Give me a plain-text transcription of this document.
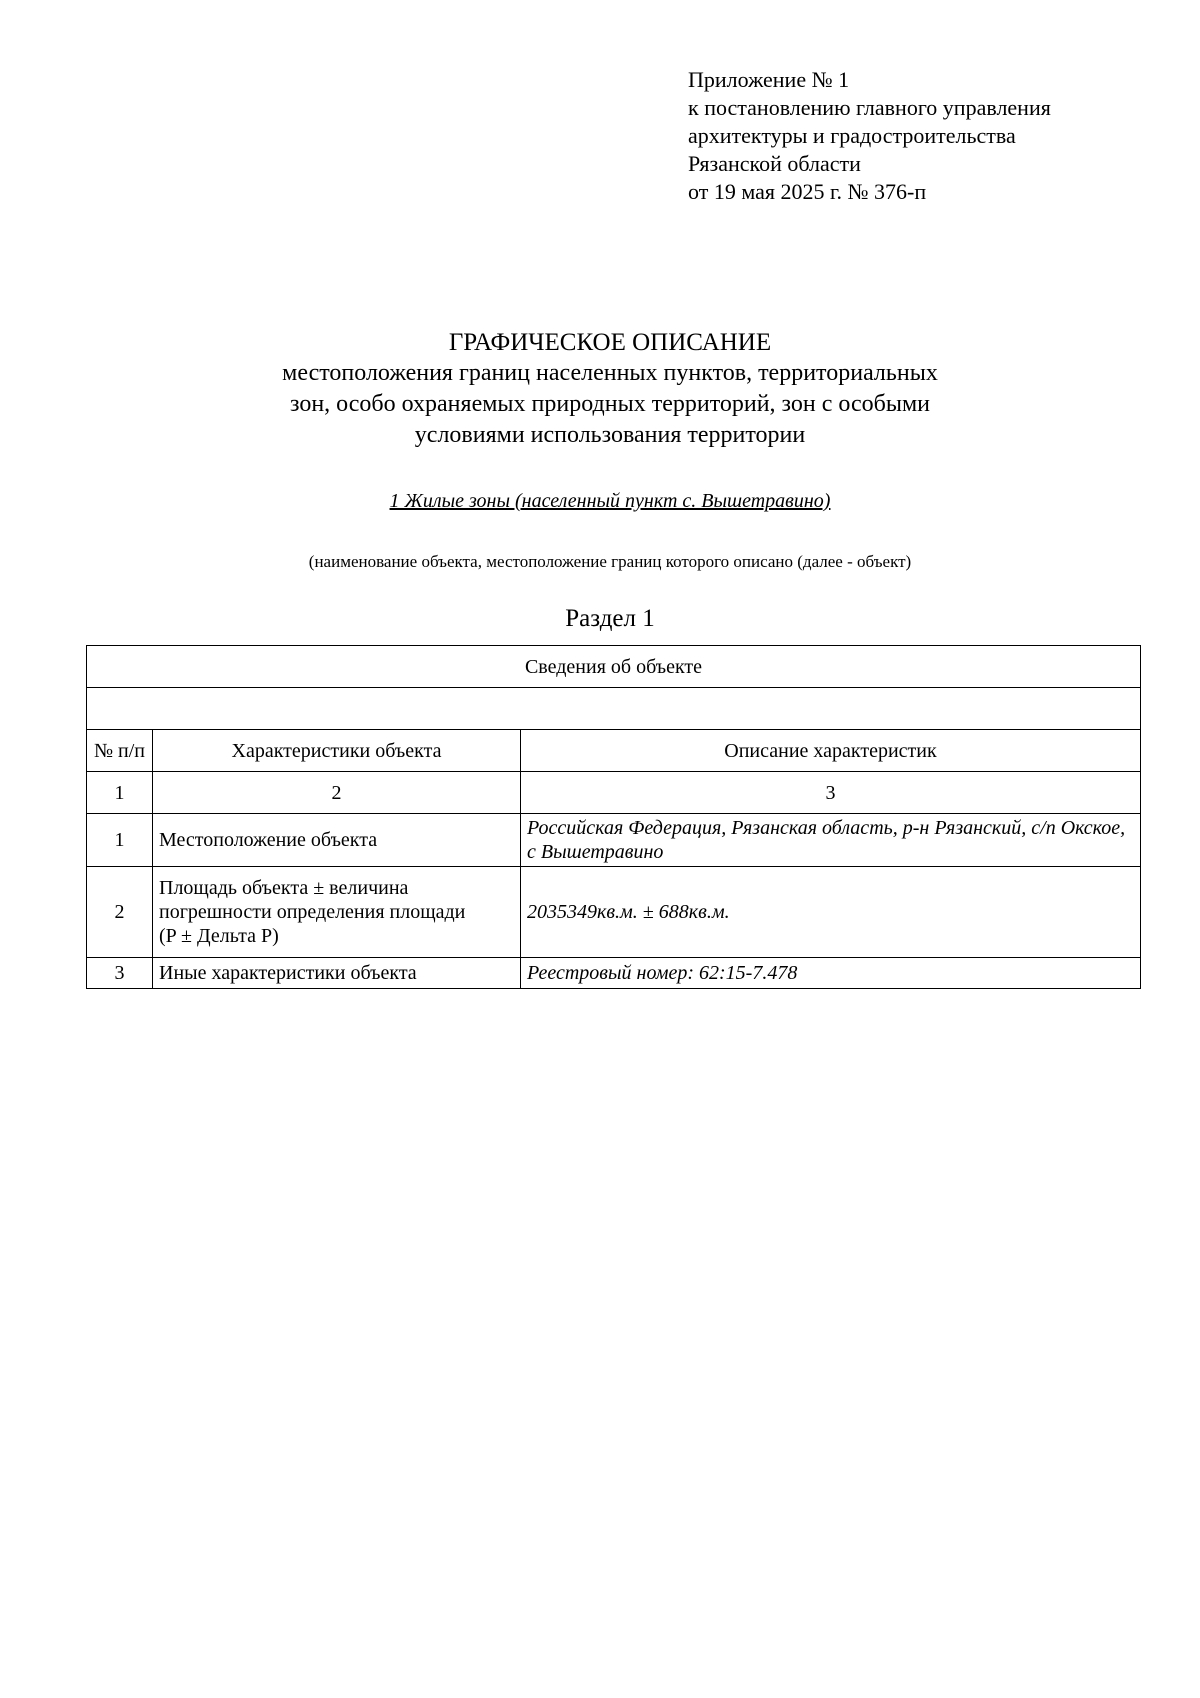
Приложение № 1
к постановлению главного управления
архитектуры и градостроительства
Рязанской области
от 19 мая 2025 г. № 376-п
ГРАФИЧЕСКОЕ ОПИСАНИЕ
местоположения границ населенных пунктов, территориальных
зон, особо охраняемых природных территорий, зон с особыми
условиями использования территории
1 Жилые зоны (населенный пункт с. Вышетравино)
(наименование объекта, местоположение границ которого описано (далее - объект)
Раздел 1
Сведения об объекте		

№ п/п	Характеристики объекта	Описание характеристик
1	2	3
1	Местоположение объекта	Российская Федерация, Рязанская область, р-н Рязанский, с/п Окское, с Вышетравино
2	Площадь объекта ± величина
погрешности определения площади
(P ± Дельта P)	2035349кв.м. ± 688кв.м.
3	Иные характеристики объекта	Реестровый номер: 62:15-7.478
